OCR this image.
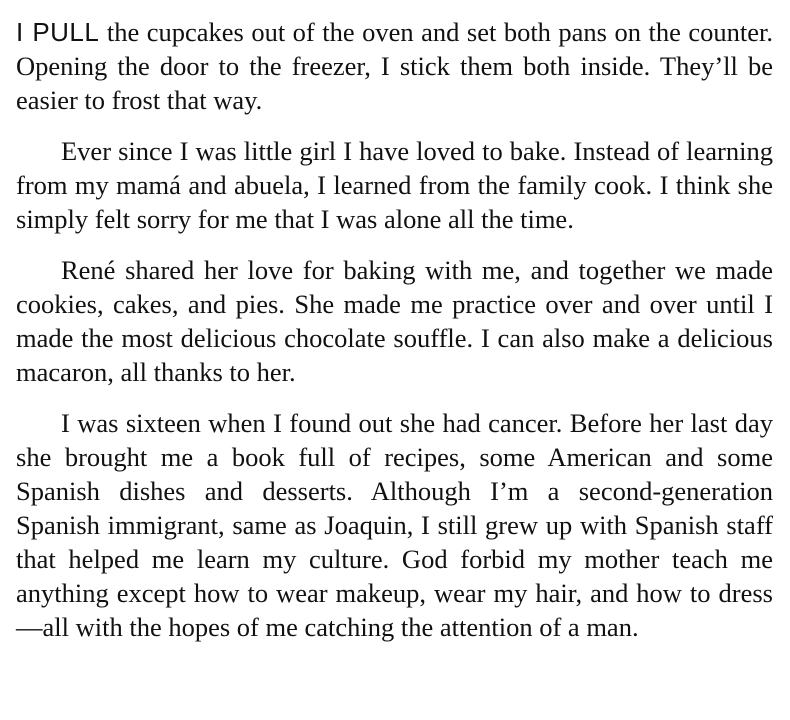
I PULL the cupcakes out of the oven and set both pans on the counter. Opening the door to the freezer, I stick them both inside. They’ll be easier to frost that way.

Ever since I was little girl I have loved to bake. Instead of learning from my mamá and abuela, I learned from the family cook. I think she simply felt sorry for me that I was alone all the time.

René shared her love for baking with me, and together we made cookies, cakes, and pies. She made me practice over and over until I made the most delicious chocolate souffle. I can also make a delicious macaron, all thanks to her.

I was sixteen when I found out she had cancer. Before her last day she brought me a book full of recipes, some American and some Spanish dishes and desserts. Although I’m a second-generation Spanish immigrant, same as Joaquin, I still grew up with Spanish staff that helped me learn my culture. God forbid my mother teach me anything except how to wear makeup, wear my hair, and how to dress—all with the hopes of me catching the attention of a man.
